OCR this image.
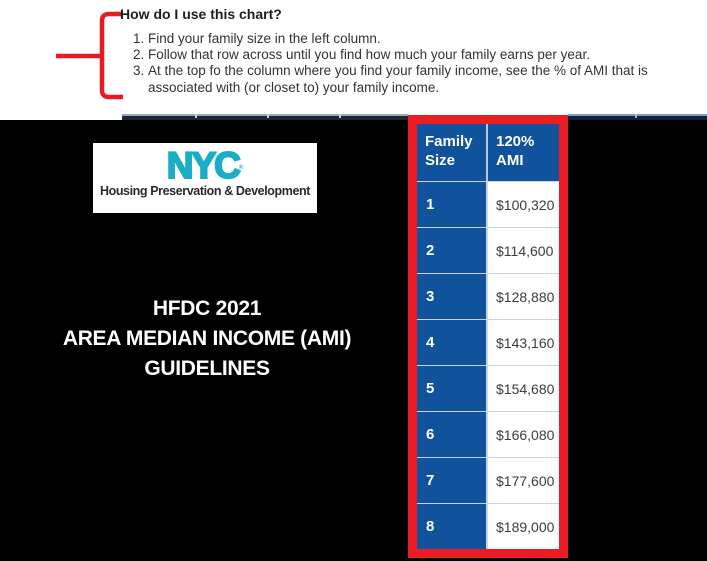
How do I use this chart?
1. Find your family size in the left column.
2. Follow that row across until you find how much your family earns per year.
3. At the top fo the column where you find your family income, see the % of AMI that is associated with (or closet to) your family income.
NYC®
Housing Preservation & Development
HFDC 2021
AREA MEDIAN INCOME (AMI)
GUIDELINES
Family Size
120% AMI
1	$100,320
2	$114,600
3	$128,880
4	$143,160
5	$154,680
6	$166,080
7	$177,600
8	$189,000
